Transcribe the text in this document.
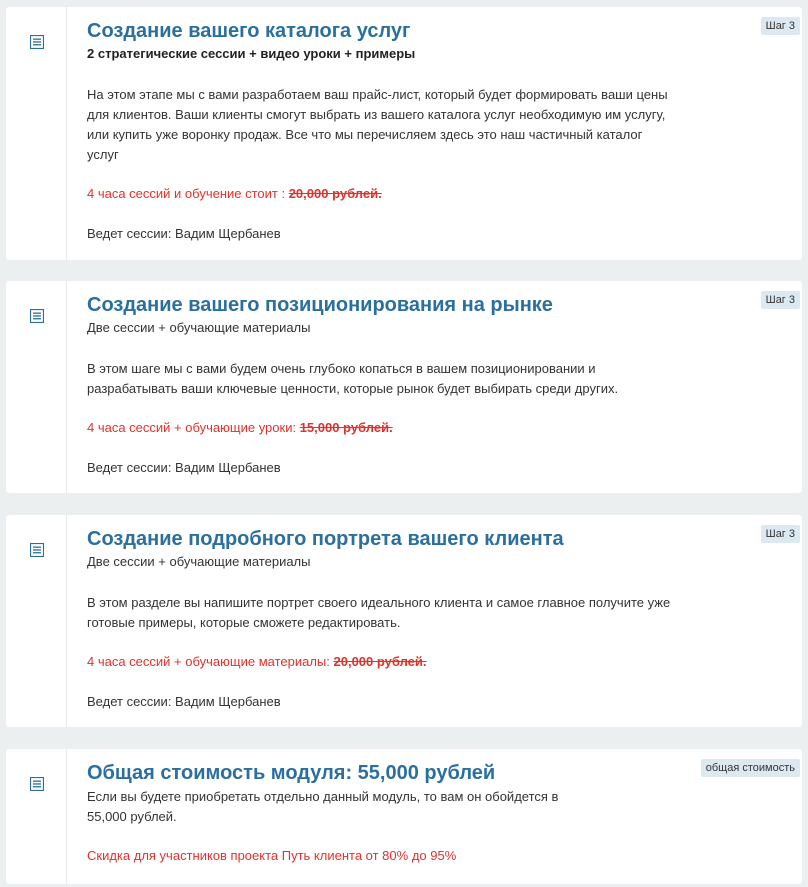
Шаг 3
Создание вашего каталога услуг

2 стратегические сессии + видео уроки + примеры

На этом этапе мы с вами разработаем ваш прайс-лист, который будет формировать ваши цены для клиентов. Ваши клиенты смогут выбрать из вашего каталога услуг необходимую им услугу, или купить уже воронку продаж. Все что мы перечисляем здесь это наш частичный каталог услуг

4 часа сессий и обучение стоит : 20,000 рублей.

Ведет сессии: Вадим Щербанев

Шаг 3
Создание вашего позиционирования на рынке

Две сессии + обучающие материалы

В этом шаге мы с вами будем очень глубоко копаться в вашем позиционировании и разрабатывать ваши ключевые ценности, которые рынок будет выбирать среди других.

4 часа сессий + обучающие уроки: 15,000 рублей.

Ведет сессии: Вадим Щербанев

Шаг 3
Создание подробного портрета вашего клиента

Две сессии + обучающие материалы

В этом разделе вы напишите портрет своего идеального клиента и самое главное получите уже готовые примеры, которые сможете редактировать.

4 часа сессий + обучающие материалы: 20,000 рублей.

Ведет сессии: Вадим Щербанев

общая стоимость
Общая стоимость модуля: 55,000 рублей

Если вы будете приобретать отдельно данный модуль, то вам он обойдется в 55,000 рублей.

Скидка для участников проекта Путь клиента от 80% до 95%
